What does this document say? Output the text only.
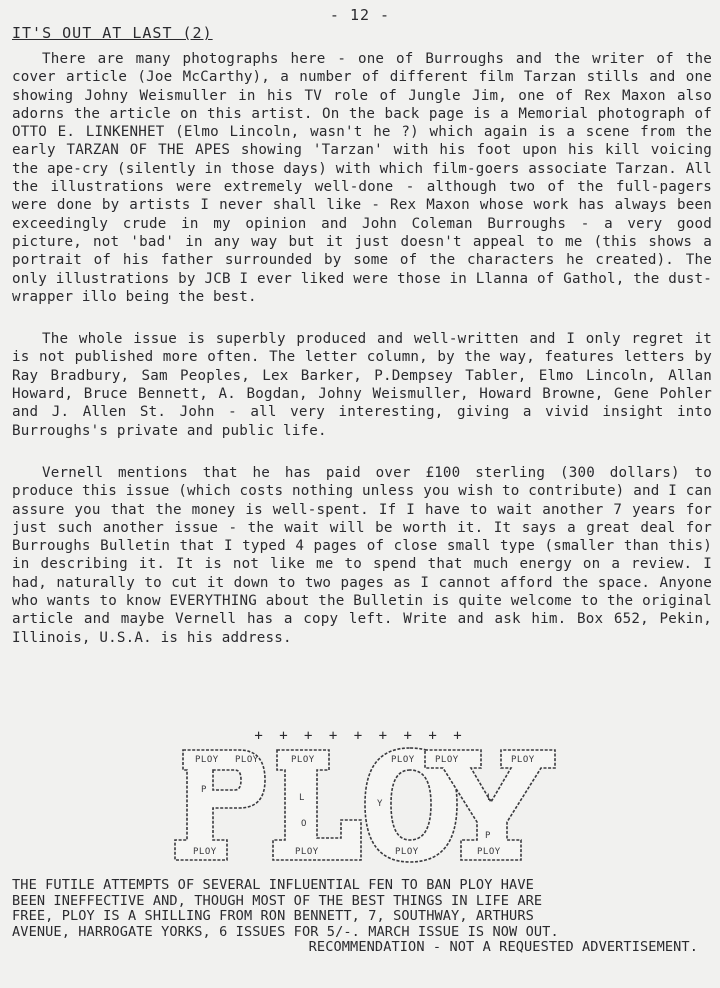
- 12 -
IT'S OUT AT LAST (2)

There are many photographs here - one of Burroughs and the writer of the cover article (Joe McCarthy), a number of different film Tarzan stills and one showing Johny Weismuller in his TV role of Jungle Jim, one of Rex Maxon also adorns the article on this artist. On the back page is a Memorial photograph of OTTO E. LINKENHET (Elmo Lincoln, wasn't he ?) which again is a scene from the early TARZAN OF THE APES showing 'Tarzan' with his foot upon his kill voicing the ape-cry (silently in those days) with which film-goers associate Tarzan. All the illustrations were extremely well-done - although two of the full-pagers were done by artists I never shall like - Rex Maxon whose work has always been exceedingly crude in my opinion and John Coleman Burroughs - a very good picture, not 'bad' in any way but it just doesn't appeal to me (this shows a portrait of his father surrounded by some of the characters he created). The only illustrations by JCB I ever liked were those in Llanna of Gathol, the dust-wrapper illo being the best.

The whole issue is superbly produced and well-written and I only regret it is not published more often. The letter column, by the way, features letters by Ray Bradbury, Sam Peoples, Lex Barker, P.Dempsey Tabler, Elmo Lincoln, Allan Howard, Bruce Bennett, A. Bogdan, Johny Weismuller, Howard Browne, Gene Pohler and J. Allen St. John - all very interesting, giving a vivid insight into Burroughs's private and public life.

Vernell mentions that he has paid over £100 sterling (300 dollars) to produce this issue (which costs nothing unless you wish to contribute) and I can assure you that the money is well-spent. If I have to wait another 7 years for just such another issue - the wait will be worth it. It says a great deal for Burroughs Bulletin that I typed 4 pages of close small type (smaller than this) in describing it. It is not like me to spend that much energy on a review. I had, naturally to cut it down to two pages as I cannot afford the space. Anyone who wants to know EVERYTHING about the Bulletin is quite welcome to the original article and maybe Vernell has a copy left. Write and ask him. Box 652, Pekin, Illinois, U.S.A. is his address.

+ + + + + + + + +
PLOY PLOY
P
PLOY
PLOY
L
O
PLOY
PLOY
Y
PLOY
PLOY	PLOY
L
P
PLOY
THE FUTILE ATTEMPTS OF SEVERAL INFLUENTIAL FEN TO BAN PLOY HAVE
BEEN INEFFECTIVE AND, THOUGH MOST OF THE BEST THINGS IN LIFE ARE
FREE, PLOY IS A SHILLING FROM RON BENNETT, 7, SOUTHWAY, ARTHURS
AVENUE, HARROGATE YORKS, 6 ISSUES FOR 5/-. MARCH ISSUE IS NOW OUT.
RECOMMENDATION - NOT A REQUESTED ADVERTISEMENT.
